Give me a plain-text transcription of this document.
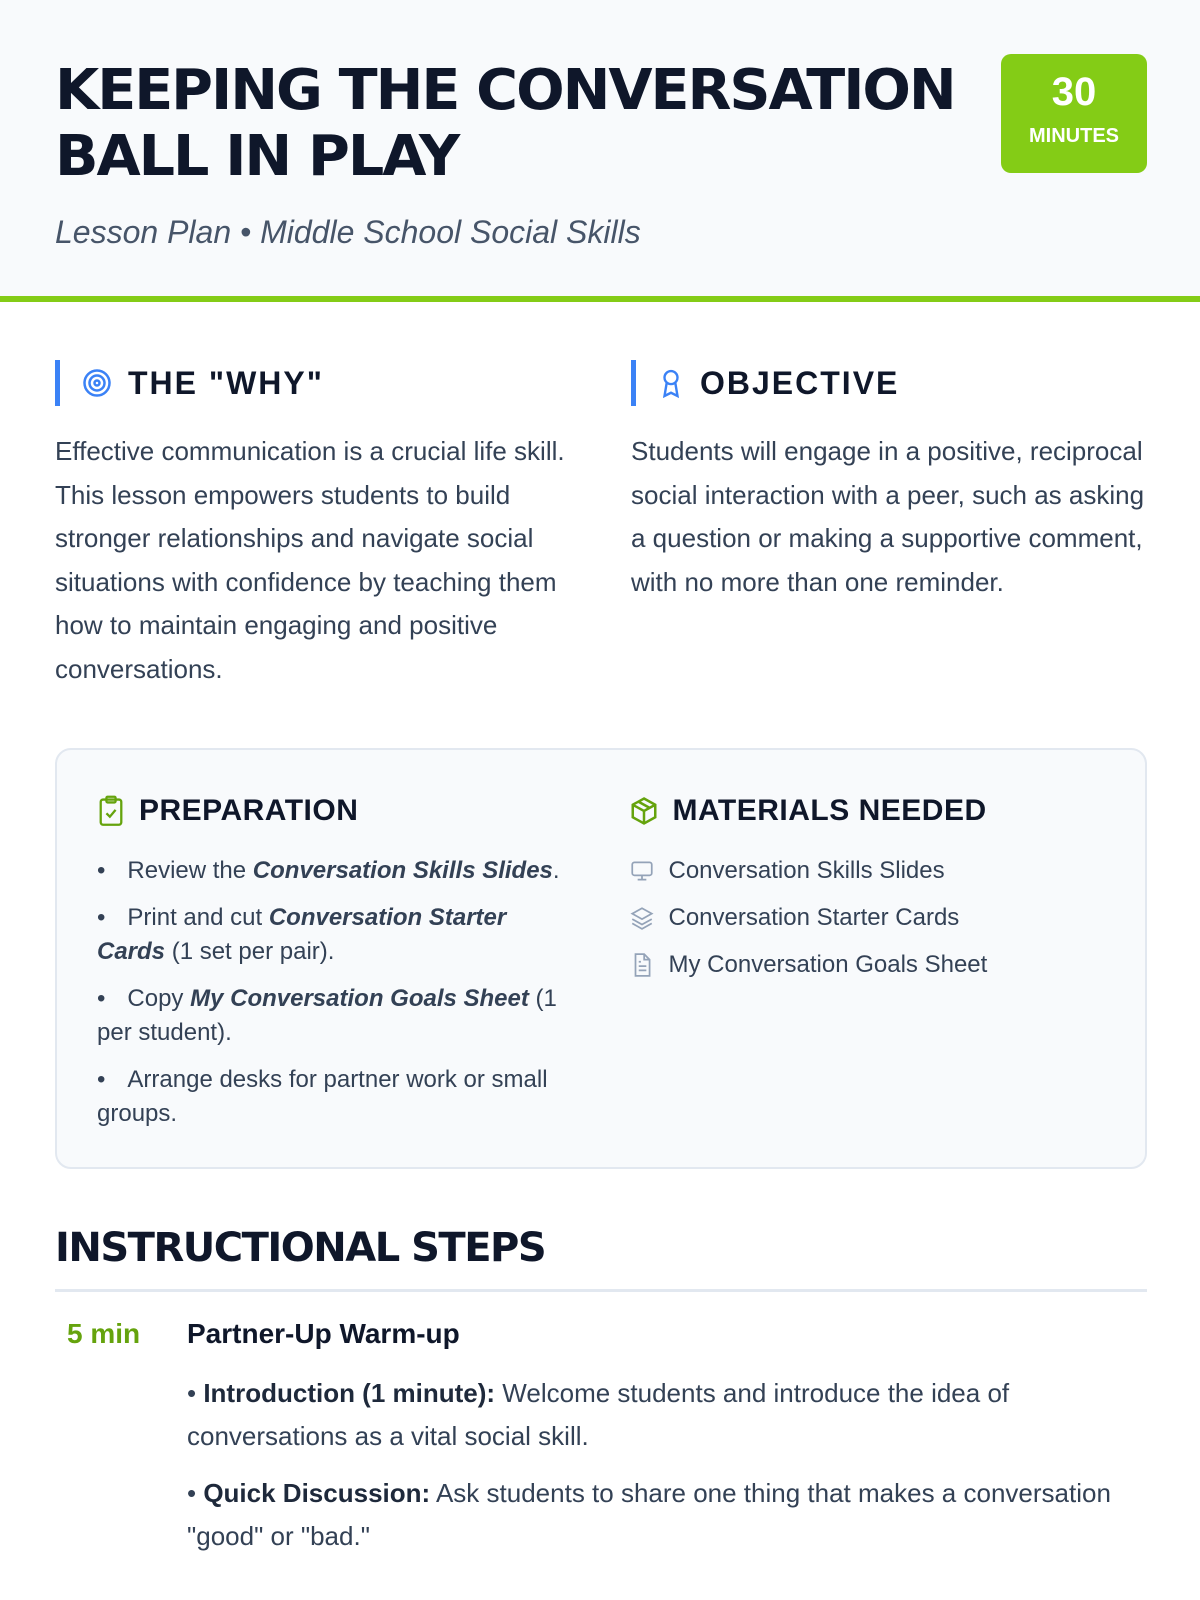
KEEPING THE CONVERSATION BALL IN PLAY
Lesson Plan • Middle School Social Skills
30
MINUTES
THE "WHY"

Effective communication is a crucial life skill. This lesson empowers students to build stronger relationships and navigate social situations with confidence by teaching them how to maintain engaging and positive conversations.

OBJECTIVE

Students will engage in a positive, reciprocal social interaction with a peer, such as asking a question or making a supportive comment, with no more than one reminder.

PREPARATION
• Review the Conversation Skills Slides.
• Print and cut Conversation Starter Cards (1 set per pair).
• Copy My Conversation Goals Sheet (1 per student).
• Arrange desks for partner work or small groups.
MATERIALS NEEDED
Conversation Skills Slides
Conversation Starter Cards
My Conversation Goals Sheet
INSTRUCTIONAL STEPS
5 min	Partner-Up Warm-up

• Introduction (1 minute): Welcome students and introduce the idea of conversations as a vital social skill.

• Quick Discussion: Ask students to share one thing that makes a conversation "good" or "bad."
